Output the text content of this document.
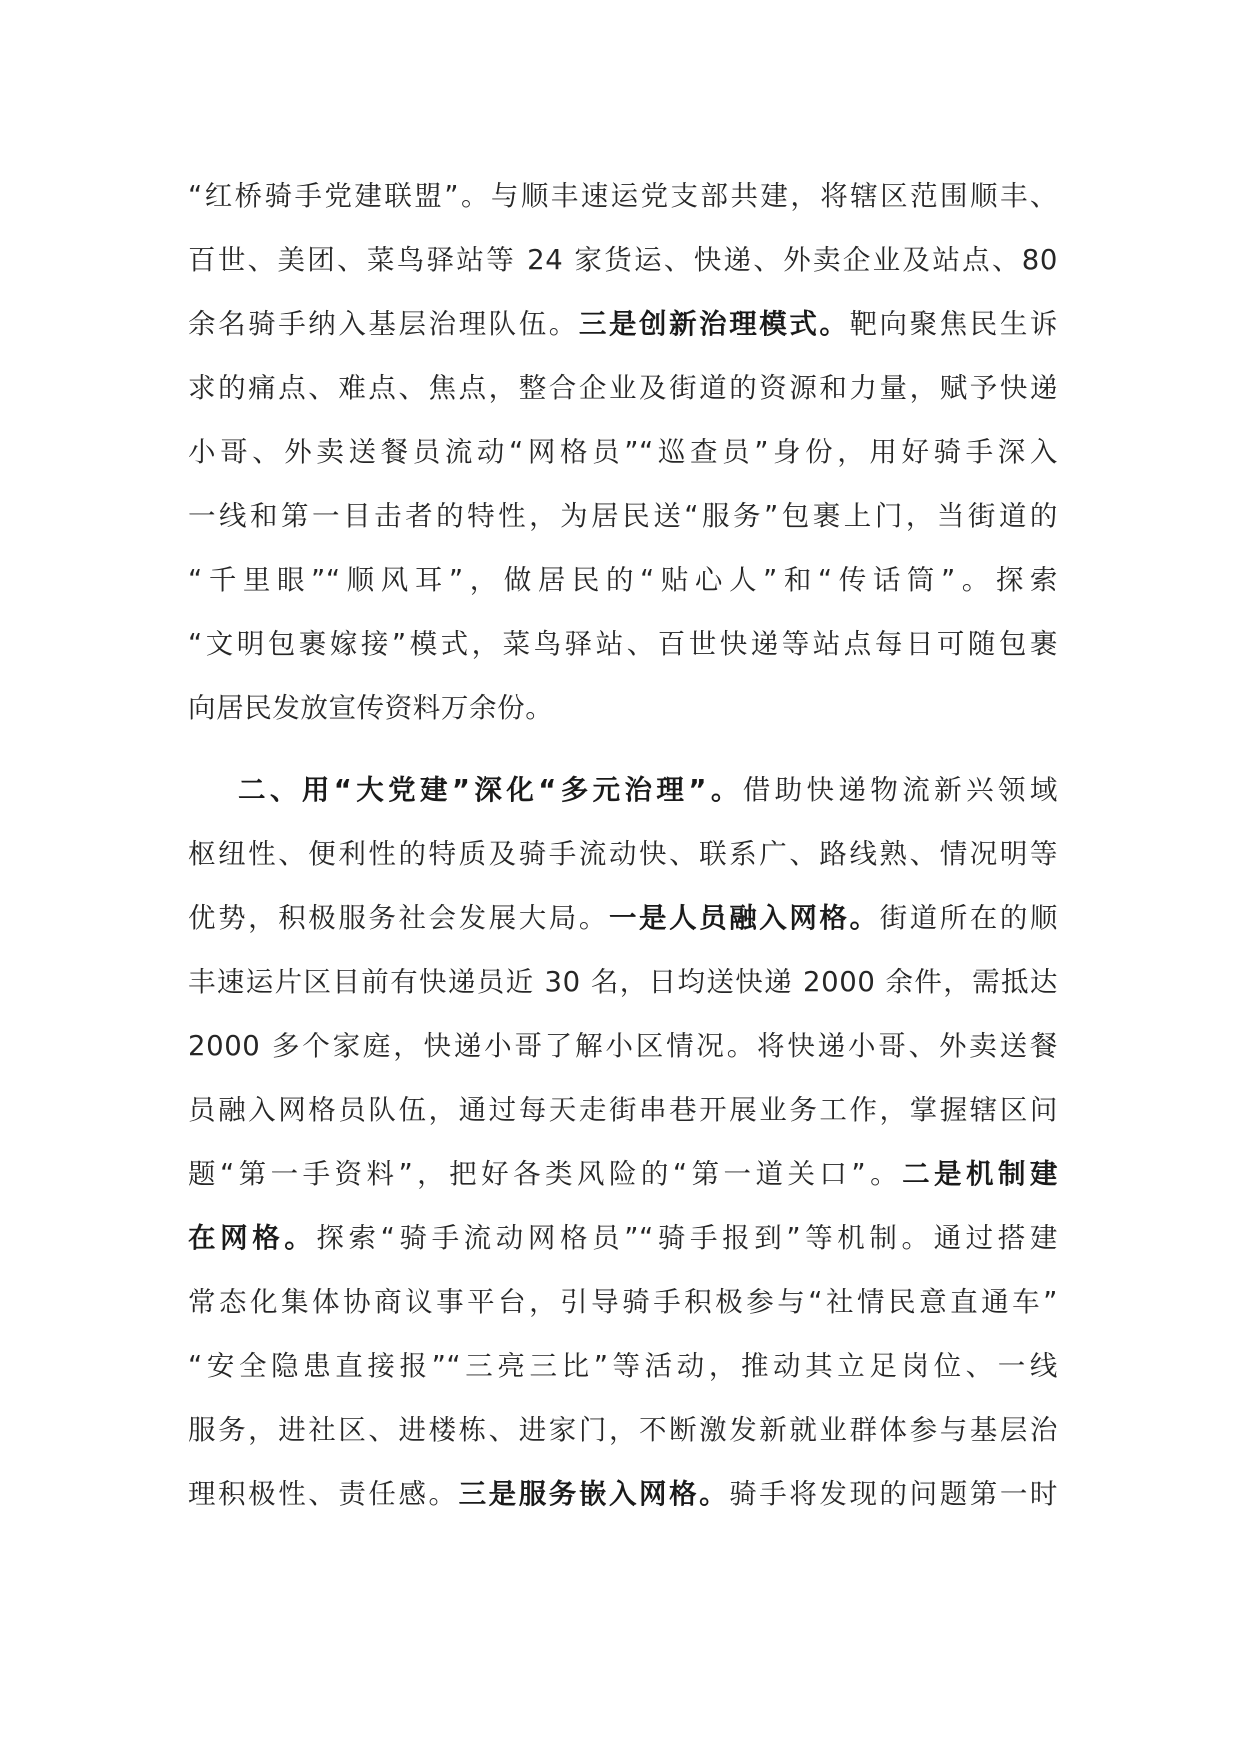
“红桥骑手党建联盟”。与顺丰速运党支部共建，将辖区范围顺丰、
百世、美团、菜鸟驿站等 24 家货运、快递、外卖企业及站点、80
余名骑手纳入基层治理队伍。三是创新治理模式。靶向聚焦民生诉
求的痛点、难点、焦点，整合企业及街道的资源和力量，赋予快递
小哥、外卖送餐员流动“网格员”“巡查员”身份，用好骑手深入
一线和第一目击者的特性，为居民送“服务”包裹上门，当街道的
“千里眼”“顺风耳”，做居民的“贴心人”和“传话筒”。探索
“文明包裹嫁接”模式，菜鸟驿站、百世快递等站点每日可随包裹
向居民发放宣传资料万余份。
二、用“大党建”深化“多元治理”。借助快递物流新兴领域
枢纽性、便利性的特质及骑手流动快、联系广、路线熟、情况明等
优势，积极服务社会发展大局。一是人员融入网格。街道所在的顺
丰速运片区目前有快递员近 30 名，日均送快递 2000 余件，需抵达
2000 多个家庭，快递小哥了解小区情况。将快递小哥、外卖送餐
员融入网格员队伍，通过每天走街串巷开展业务工作，掌握辖区问
题“第一手资料”，把好各类风险的“第一道关口”。二是机制建
在网格。探索“骑手流动网格员”“骑手报到”等机制。通过搭建
常态化集体协商议事平台，引导骑手积极参与“社情民意直通车”
“安全隐患直接报”“三亮三比”等活动，推动其立足岗位、一线
服务，进社区、进楼栋、进家门，不断激发新就业群体参与基层治
理积极性、责任感。三是服务嵌入网格。骑手将发现的问题第一时
